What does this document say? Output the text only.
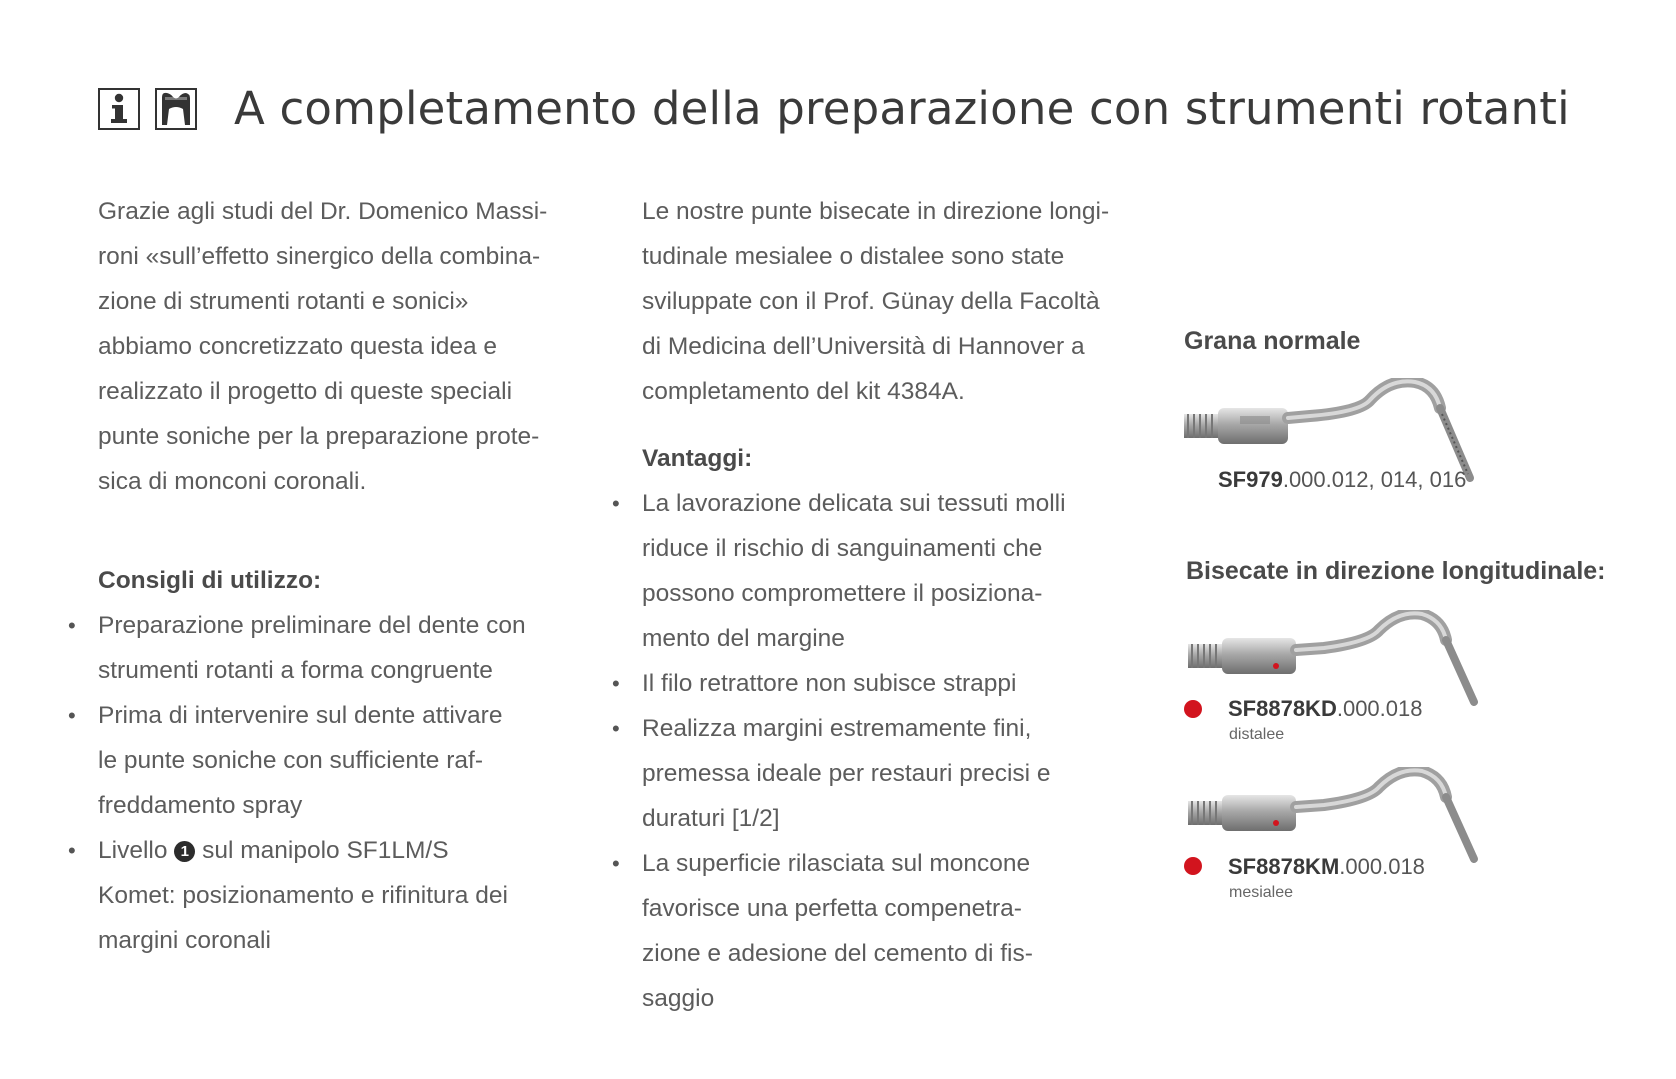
A completamento della preparazione con strumenti rotanti

Grazie agli studi del Dr. Domenico Massi-
roni «sull’effetto sinergico della combina-
zione di strumenti rotanti e sonici»
abbiamo concretizzato questa idea e
realizzato il progetto di queste speciali
punte soniche per la preparazione prote-
sica di monconi coronali.

Consigli di utilizzo:

• Preparazione preliminare del dente con
strumenti rotanti a forma congruente
• Prima di intervenire sul dente attivare
le punte soniche con sufficiente raf-
freddamento spray
• Livello 1 sul manipolo SF1LM/S
Komet: posizionamento e rifinitura dei
margini coronali

Le nostre punte bisecate in direzione longi-
tudinale mesialee o distalee sono state
sviluppate con il Prof. Günay della Facoltà
di Medicina dell’Università di Hannover a
completamento del kit 4384A.

Vantaggi:

• La lavorazione delicata sui tessuti molli
riduce il rischio di sanguinamenti che
possono compromettere il posiziona-
mento del margine
• Il filo retrattore non subisce strappi
• Realizza margini estremamente fini,
premessa ideale per restauri precisi e
duraturi [1/2]
• La superficie rilasciata sul moncone
favorisce una perfetta compenetra-
zione e adesione del cemento di fis-
saggio
Grana normale
SF979.000.012, 014, 016
Bisecate in direzione longitudinale:
SF8878KD.000.018
distalee
SF8878KM.000.018
mesialee
